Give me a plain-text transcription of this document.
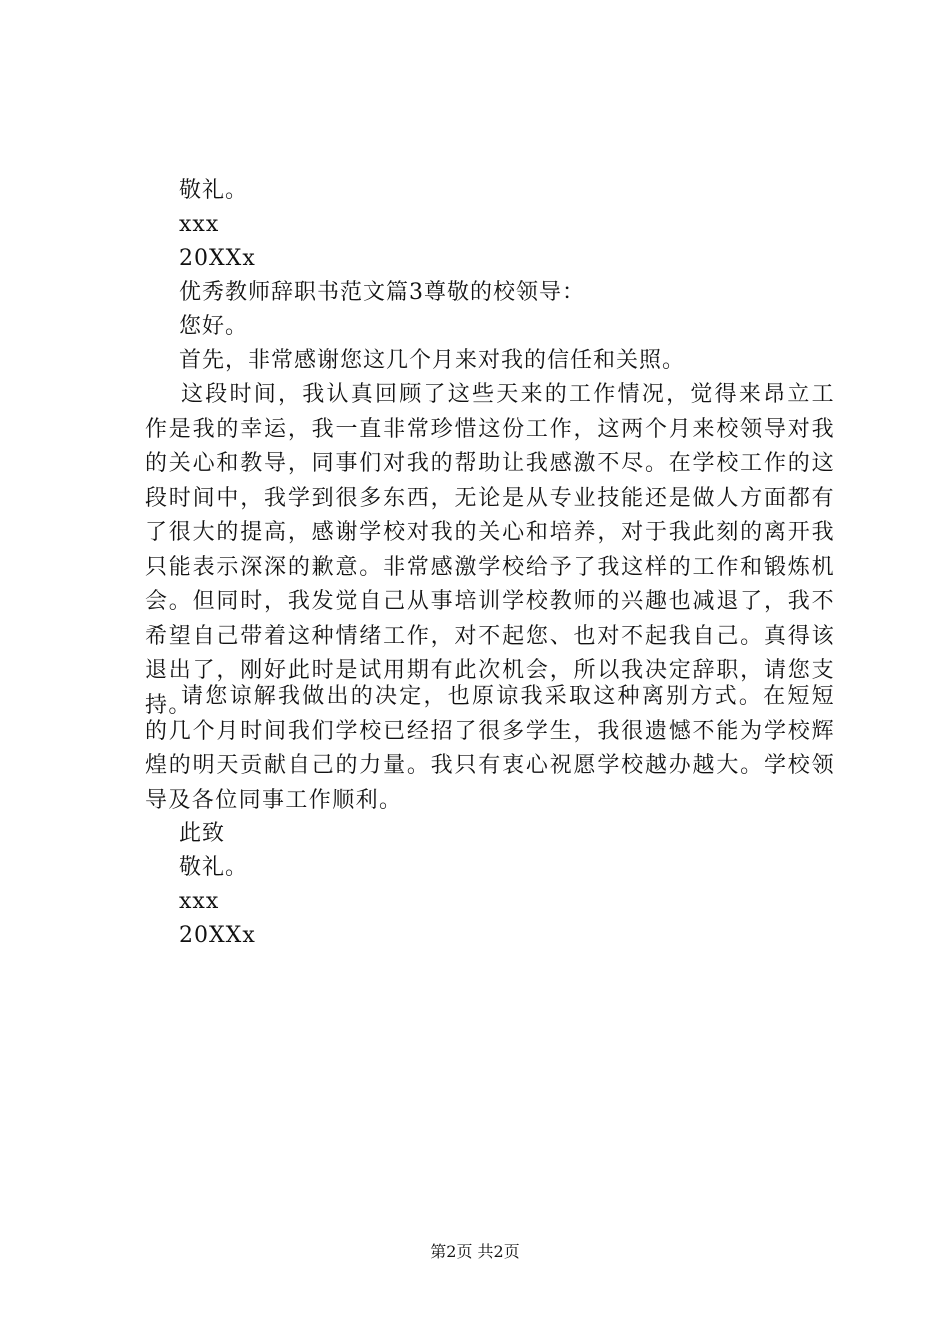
敬礼。
xxx
20XXx
优秀教师辞职书范文篇3尊敬的校领导：
您好。
首先，非常感谢您这几个月来对我的信任和关照。
这段时间，我认真回顾了这些天来的工作情况，觉得来昂立工作是我的幸运，我一直非常珍惜这份工作，这两个月来校领导对我的关心和教导，同事们对我的帮助让我感激不尽。在学校工作的这段时间中，我学到很多东西，无论是从专业技能还是做人方面都有了很大的提高，感谢学校对我的关心和培养，对于我此刻的离开我只能表示深深的歉意。非常感激学校给予了我这样的工作和锻炼机会。但同时，我发觉自己从事培训学校教师的兴趣也减退了，我不希望自己带着这种情绪工作，对不起您、也对不起我自己。真得该退出了，刚好此时是试用期有此次机会，所以我决定辞职，请您支持。
请您谅解我做出的决定，也原谅我采取这种离别方式。在短短的几个月时间我们学校已经招了很多学生，我很遗憾不能为学校辉煌的明天贡献自己的力量。我只有衷心祝愿学校越办越大。学校领导及各位同事工作顺利。
此致
敬礼。
xxx
20XXx
第2页 共2页
